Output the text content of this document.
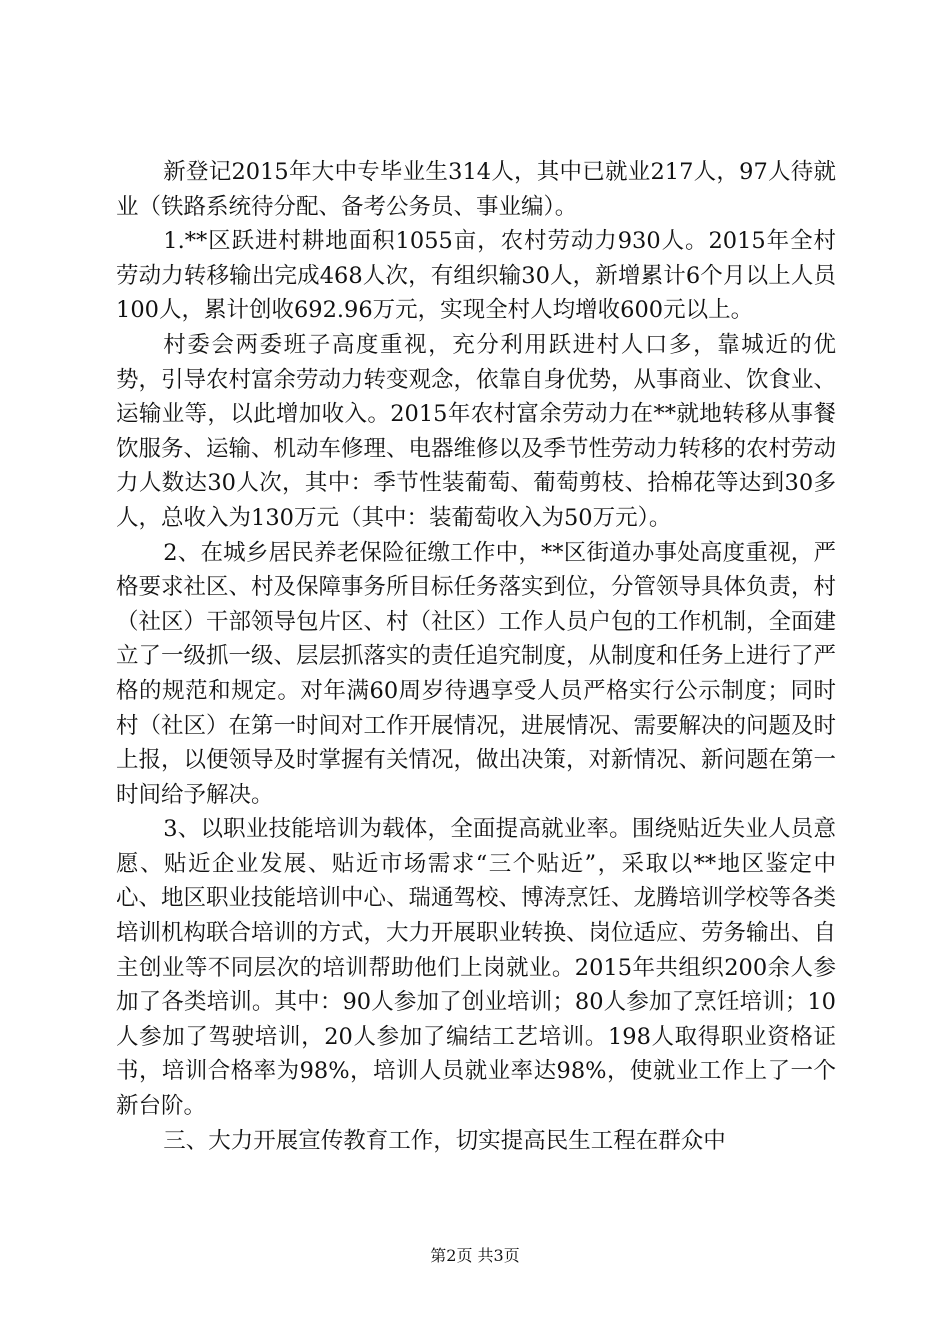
新登记2015年大中专毕业生314人，其中已就业217人，97人待就业（铁路系统待分配、备考公务员、事业编）。

1.**区跃进村耕地面积1055亩，农村劳动力930人。2015年全村劳动力转移输出完成468人次，有组织输30人，新增累计6个月以上人员100人，累计创收692.96万元，实现全村人均增收600元以上。

村委会两委班子高度重视，充分利用跃进村人口多，靠城近的优势，引导农村富余劳动力转变观念，依靠自身优势，从事商业、饮食业、运输业等，以此增加收入。2015年农村富余劳动力在**就地转移从事餐饮服务、运输、机动车修理、电器维修以及季节性劳动力转移的农村劳动力人数达30人次，其中：季节性装葡萄、葡萄剪枝、拾棉花等达到30多人，总收入为130万元（其中：装葡萄收入为50万元）。

2、在城乡居民养老保险征缴工作中，**区街道办事处高度重视，严格要求社区、村及保障事务所目标任务落实到位，分管领导具体负责，村（社区）干部领导包片区、村（社区）工作人员户包的工作机制，全面建立了一级抓一级、层层抓落实的责任追究制度，从制度和任务上进行了严格的规范和规定。对年满60周岁待遇享受人员严格实行公示制度；同时村（社区）在第一时间对工作开展情况，进展情况、需要解决的问题及时上报，以便领导及时掌握有关情况，做出决策，对新情况、新问题在第一时间给予解决。

3、以职业技能培训为载体，全面提高就业率。围绕贴近失业人员意愿、贴近企业发展、贴近市场需求“三个贴近”，采取以**地区鉴定中心、地区职业技能培训中心、瑞通驾校、博涛烹饪、龙腾培训学校等各类培训机构联合培训的方式，大力开展职业转换、岗位适应、劳务输出、自主创业等不同层次的培训帮助他们上岗就业。2015年共组织200余人参加了各类培训。其中：90人参加了创业培训；80人参加了烹饪培训；10人参加了驾驶培训，20人参加了编结工艺培训。198人取得职业资格证书，培训合格率为98%，培训人员就业率达98%，使就业工作上了一个新台阶。

三、大力开展宣传教育工作，切实提高民生工程在群众中

第2页 共3页
